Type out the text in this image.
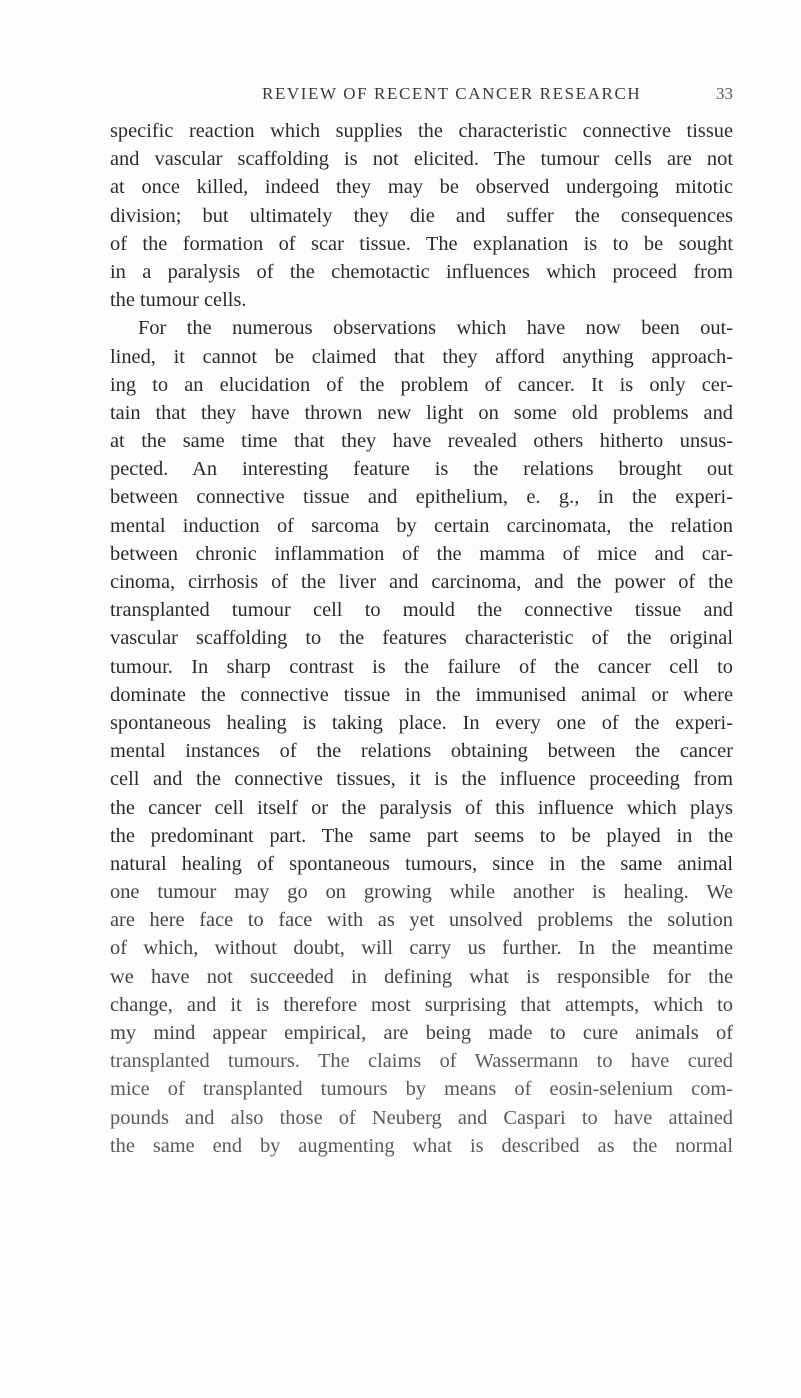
REVIEW OF RECENT CANCER RESEARCH	33
specific reaction which supplies the characteristic connective tissue
and vascular scaffolding is not elicited. The tumour cells are not
at once killed, indeed they may be observed undergoing mitotic
division; but ultimately they die and suffer the consequences
of the formation of scar tissue. The explanation is to be sought
in a paralysis of the chemotactic influences which proceed from
the tumour cells.
For the numerous observations which have now been out-
lined, it cannot be claimed that they afford anything approach-
ing to an elucidation of the problem of cancer. It is only cer-
tain that they have thrown new light on some old problems and
at the same time that they have revealed others hitherto unsus-
pected. An interesting feature is the relations brought out
between connective tissue and epithelium, e. g., in the experi-
mental induction of sarcoma by certain carcinomata, the relation
between chronic inflammation of the mamma of mice and car-
cinoma, cirrhosis of the liver and carcinoma, and the power of the
transplanted tumour cell to mould the connective tissue and
vascular scaffolding to the features characteristic of the original
tumour. In sharp contrast is the failure of the cancer cell to
dominate the connective tissue in the immunised animal or where
spontaneous healing is taking place. In every one of the experi-
mental instances of the relations obtaining between the cancer
cell and the connective tissues, it is the influence proceeding from
the cancer cell itself or the paralysis of this influence which plays
the predominant part. The same part seems to be played in the
natural healing of spontaneous tumours, since in the same animal
one tumour may go on growing while another is healing. We
are here face to face with as yet unsolved problems the solution
of which, without doubt, will carry us further. In the meantime
we have not succeeded in defining what is responsible for the
change, and it is therefore most surprising that attempts, which to
my mind appear empirical, are being made to cure animals of
transplanted tumours. The claims of Wassermann to have cured
mice of transplanted tumours by means of eosin-selenium com-
pounds and also those of Neuberg and Caspari to have attained
the same end by augmenting what is described as the normal
